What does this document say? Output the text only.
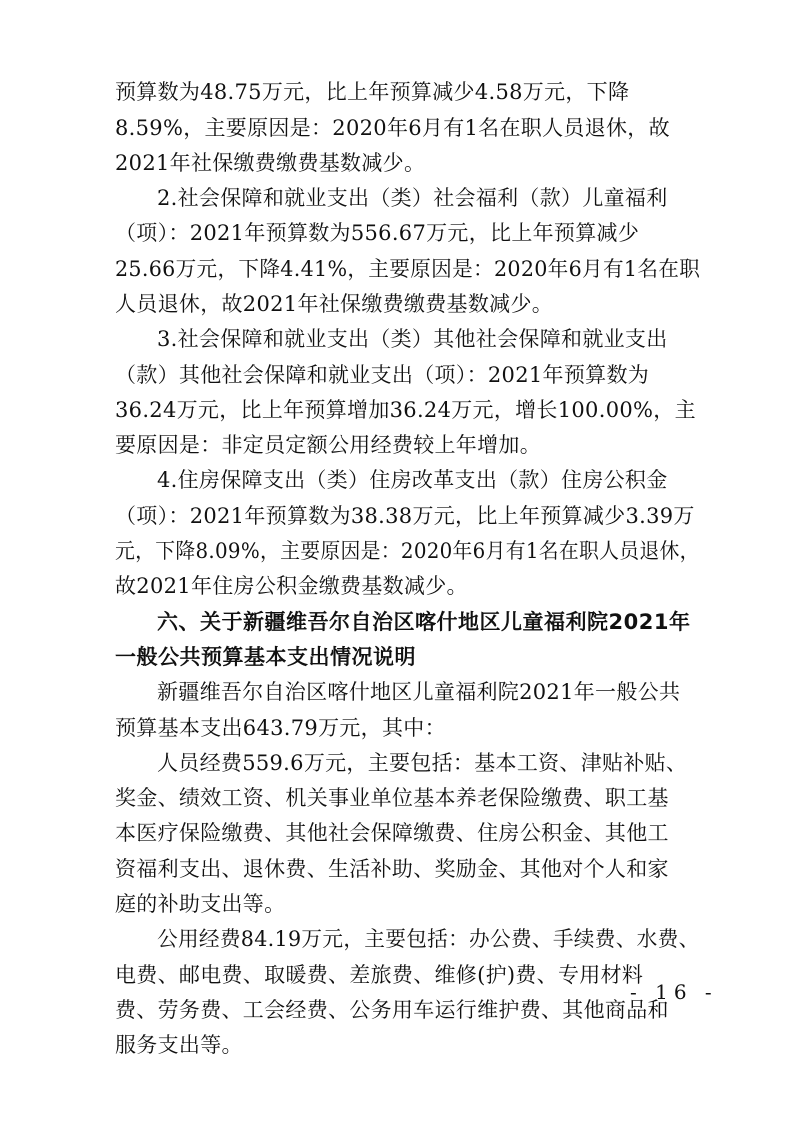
预算数为48.75万元，比上年预算减少4.58万元，下降
8.59%，主要原因是：2020年6月有1名在职人员退休，故
2021年社保缴费缴费基数减少。
2.社会保障和就业支出（类）社会福利（款）儿童福利
（项）：2021年预算数为556.67万元，比上年预算减少
25.66万元，下降4.41%，主要原因是：2020年6月有1名在职
人员退休，故2021年社保缴费缴费基数减少。
3.社会保障和就业支出（类）其他社会保障和就业支出
（款）其他社会保障和就业支出（项）：2021年预算数为
36.24万元，比上年预算增加36.24万元，增长100.00%，主
要原因是：非定员定额公用经费较上年增加。
4.住房保障支出（类）住房改革支出（款）住房公积金
（项）：2021年预算数为38.38万元，比上年预算减少3.39万
元，下降8.09%，主要原因是：2020年6月有1名在职人员退休，
故2021年住房公积金缴费基数减少。
六、关于新疆维吾尔自治区喀什地区儿童福利院2021年
一般公共预算基本支出情况说明
新疆维吾尔自治区喀什地区儿童福利院2021年一般公共
预算基本支出643.79万元，其中：
人员经费559.6万元，主要包括：基本工资、津贴补贴、
奖金、绩效工资、机关事业单位基本养老保险缴费、职工基
本医疗保险缴费、其他社会保障缴费、住房公积金、其他工
资福利支出、退休费、生活补助、奖励金、其他对个人和家
庭的补助支出等。
公用经费84.19万元，主要包括：办公费、手续费、水费、
电费、邮电费、取暖费、差旅费、维修(护)费、专用材料
费、劳务费、工会经费、公务用车运行维护费、其他商品和
服务支出等。
- 16 -
